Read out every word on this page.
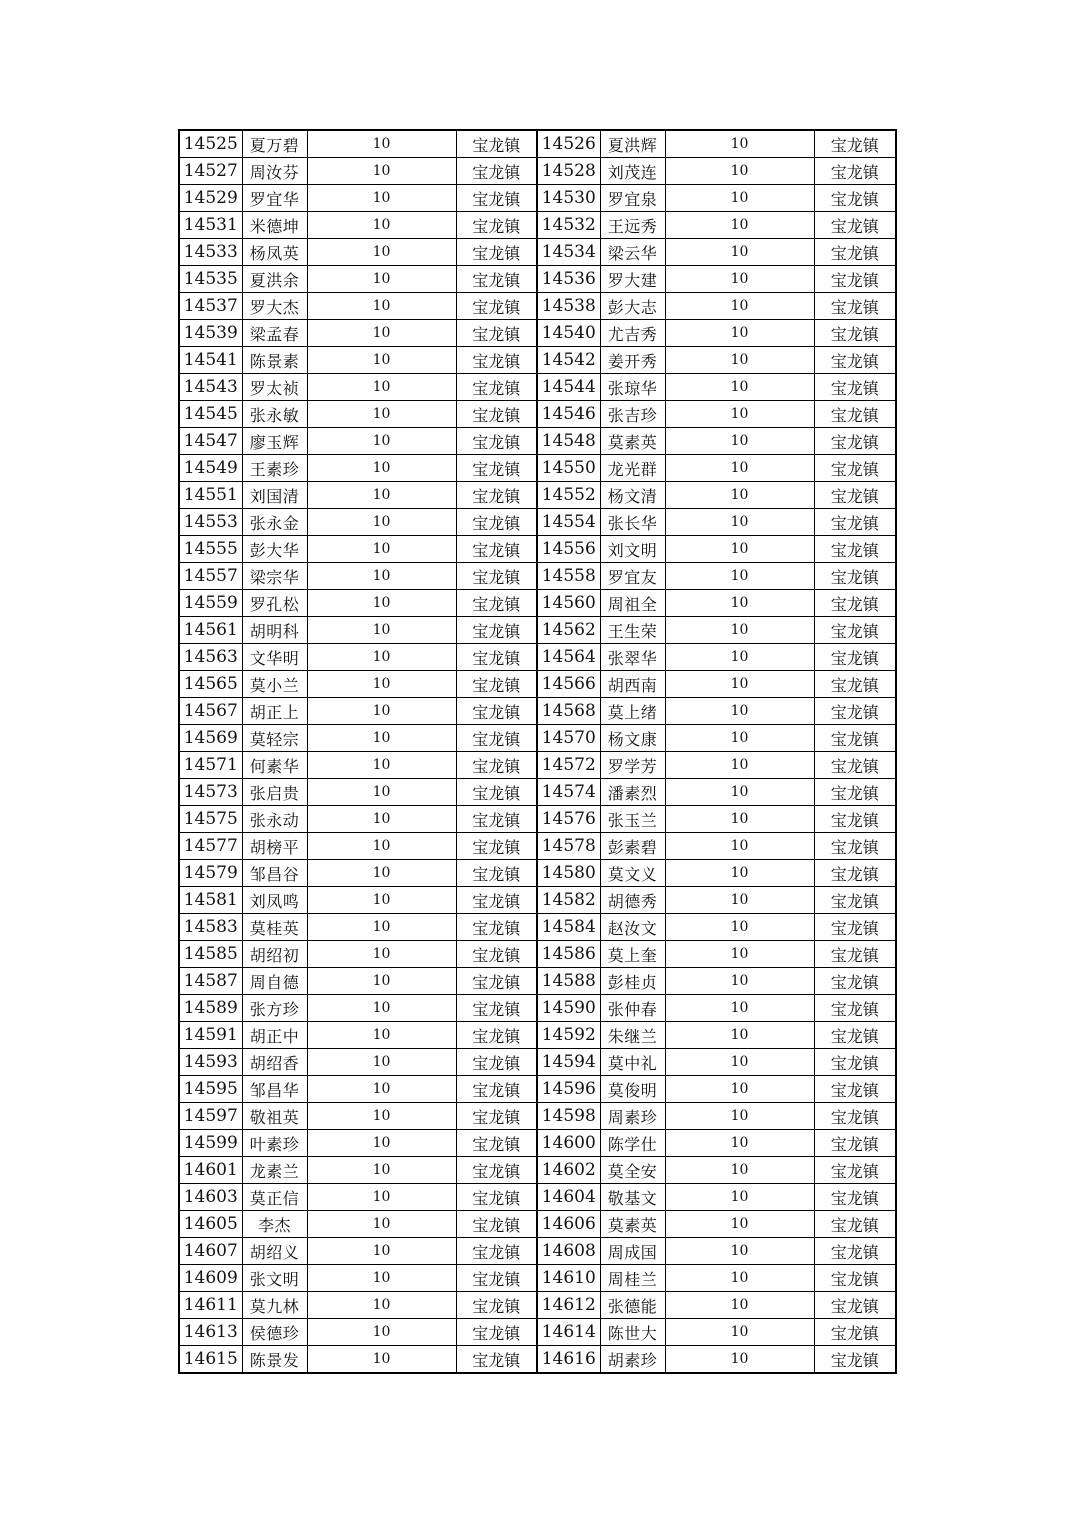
14525	夏万碧	10	宝龙镇	14526	夏洪辉	10	宝龙镇
14527	周汝芬	10	宝龙镇	14528	刘茂连	10	宝龙镇
14529	罗宜华	10	宝龙镇	14530	罗宜泉	10	宝龙镇
14531	米德坤	10	宝龙镇	14532	王远秀	10	宝龙镇
14533	杨凤英	10	宝龙镇	14534	梁云华	10	宝龙镇
14535	夏洪余	10	宝龙镇	14536	罗大建	10	宝龙镇
14537	罗大杰	10	宝龙镇	14538	彭大志	10	宝龙镇
14539	梁孟春	10	宝龙镇	14540	尤吉秀	10	宝龙镇
14541	陈景素	10	宝龙镇	14542	姜开秀	10	宝龙镇
14543	罗太祯	10	宝龙镇	14544	张琼华	10	宝龙镇
14545	张永敏	10	宝龙镇	14546	张吉珍	10	宝龙镇
14547	廖玉辉	10	宝龙镇	14548	莫素英	10	宝龙镇
14549	王素珍	10	宝龙镇	14550	龙光群	10	宝龙镇
14551	刘国清	10	宝龙镇	14552	杨文清	10	宝龙镇
14553	张永金	10	宝龙镇	14554	张长华	10	宝龙镇
14555	彭大华	10	宝龙镇	14556	刘文明	10	宝龙镇
14557	梁宗华	10	宝龙镇	14558	罗宜友	10	宝龙镇
14559	罗孔松	10	宝龙镇	14560	周祖全	10	宝龙镇
14561	胡明科	10	宝龙镇	14562	王生荣	10	宝龙镇
14563	文华明	10	宝龙镇	14564	张翠华	10	宝龙镇
14565	莫小兰	10	宝龙镇	14566	胡西南	10	宝龙镇
14567	胡正上	10	宝龙镇	14568	莫上绪	10	宝龙镇
14569	莫轻宗	10	宝龙镇	14570	杨文康	10	宝龙镇
14571	何素华	10	宝龙镇	14572	罗学芳	10	宝龙镇
14573	张启贵	10	宝龙镇	14574	潘素烈	10	宝龙镇
14575	张永动	10	宝龙镇	14576	张玉兰	10	宝龙镇
14577	胡榜平	10	宝龙镇	14578	彭素碧	10	宝龙镇
14579	邹昌谷	10	宝龙镇	14580	莫文义	10	宝龙镇
14581	刘凤鸣	10	宝龙镇	14582	胡德秀	10	宝龙镇
14583	莫桂英	10	宝龙镇	14584	赵汝文	10	宝龙镇
14585	胡绍初	10	宝龙镇	14586	莫上奎	10	宝龙镇
14587	周自德	10	宝龙镇	14588	彭桂贞	10	宝龙镇
14589	张方珍	10	宝龙镇	14590	张仲春	10	宝龙镇
14591	胡正中	10	宝龙镇	14592	朱继兰	10	宝龙镇
14593	胡绍香	10	宝龙镇	14594	莫中礼	10	宝龙镇
14595	邹昌华	10	宝龙镇	14596	莫俊明	10	宝龙镇
14597	敬祖英	10	宝龙镇	14598	周素珍	10	宝龙镇
14599	叶素珍	10	宝龙镇	14600	陈学仕	10	宝龙镇
14601	龙素兰	10	宝龙镇	14602	莫全安	10	宝龙镇
14603	莫正信	10	宝龙镇	14604	敬基文	10	宝龙镇
14605	李杰	10	宝龙镇	14606	莫素英	10	宝龙镇
14607	胡绍义	10	宝龙镇	14608	周成国	10	宝龙镇
14609	张文明	10	宝龙镇	14610	周桂兰	10	宝龙镇
14611	莫九林	10	宝龙镇	14612	张德能	10	宝龙镇
14613	侯德珍	10	宝龙镇	14614	陈世大	10	宝龙镇
14615	陈景发	10	宝龙镇	14616	胡素珍	10	宝龙镇
